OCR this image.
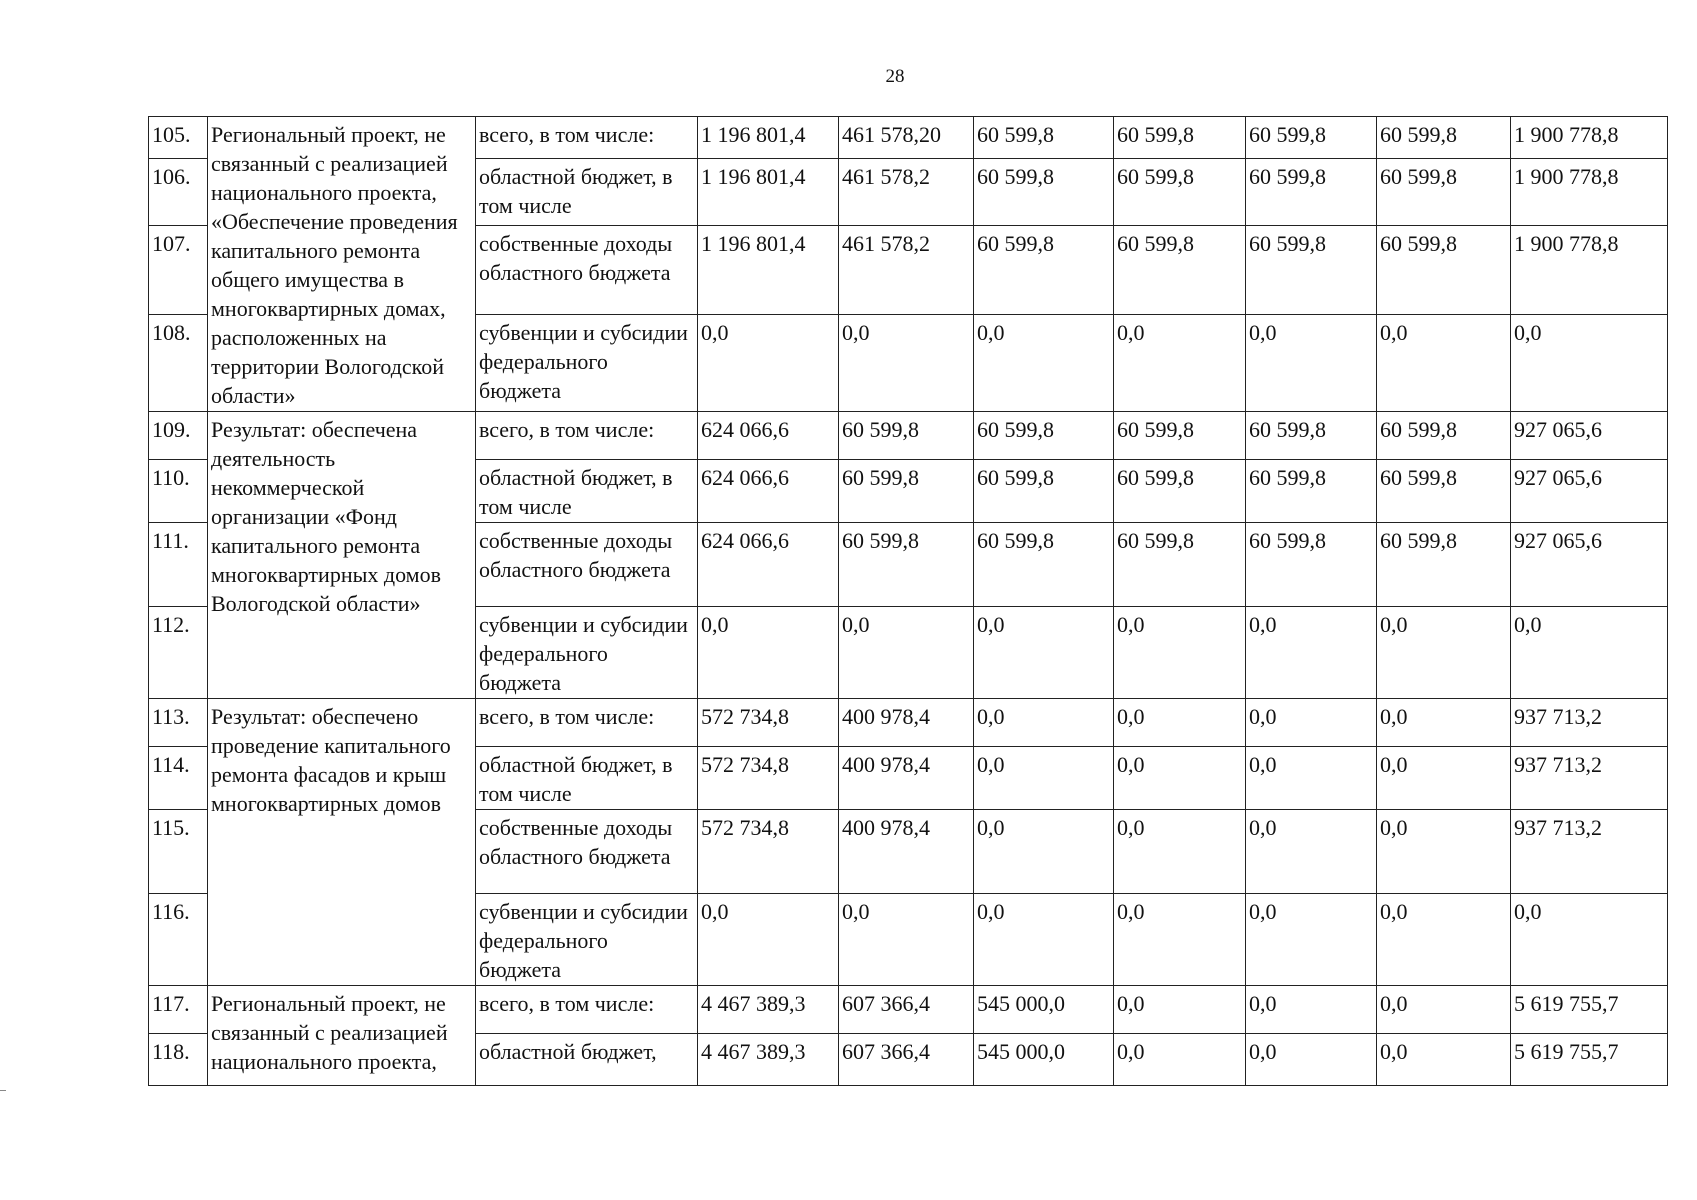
28
105.	Региональный проект, не связанный с реализацией национального проекта, «Обеспечение проведения капитального ремонта общего имущества в многоквартирных домах, расположенных на территории Вологодской области»	всего, в том числе:	1 196 801,4	461 578,20	60 599,8	60 599,8	60 599,8	60 599,8	1 900 778,8
106.		областной бюджет, в том числе	1 196 801,4	461 578,2	60 599,8	60 599,8	60 599,8	60 599,8	1 900 778,8
107.		собственные доходы областного бюджета	1 196 801,4	461 578,2	60 599,8	60 599,8	60 599,8	60 599,8	1 900 778,8
108.		субвенции и субсидии федерального бюджета	0,0	0,0	0,0	0,0	0,0	0,0	0,0
109.	Результат: обеспечена деятельность некоммерческой организации «Фонд капитального ремонта многоквартирных домов Вологодской области»	всего, в том числе:	624 066,6	60 599,8	60 599,8	60 599,8	60 599,8	60 599,8	927 065,6
110.		областной бюджет, в том числе	624 066,6	60 599,8	60 599,8	60 599,8	60 599,8	60 599,8	927 065,6
111.		собственные доходы областного бюджета	624 066,6	60 599,8	60 599,8	60 599,8	60 599,8	60 599,8	927 065,6
112.		субвенции и субсидии федерального бюджета	0,0	0,0	0,0	0,0	0,0	0,0	0,0
113.	Результат: обеспечено проведение капитального ремонта фасадов и крыш многоквартирных домов	всего, в том числе:	572 734,8	400 978,4	0,0	0,0	0,0	0,0	937 713,2
114.		областной бюджет, в том числе	572 734,8	400 978,4	0,0	0,0	0,0	0,0	937 713,2
115.		собственные доходы областного бюджета	572 734,8	400 978,4	0,0	0,0	0,0	0,0	937 713,2
116.		субвенции и субсидии федерального бюджета	0,0	0,0	0,0	0,0	0,0	0,0	0,0
117.	Региональный проект, не связанный с реализацией национального проекта,	всего, в том числе:	4 467 389,3	607 366,4	545 000,0	0,0	0,0	0,0	5 619 755,7
118.		областной бюджет,	4 467 389,3	607 366,4	545 000,0	0,0	0,0	0,0	5 619 755,7
